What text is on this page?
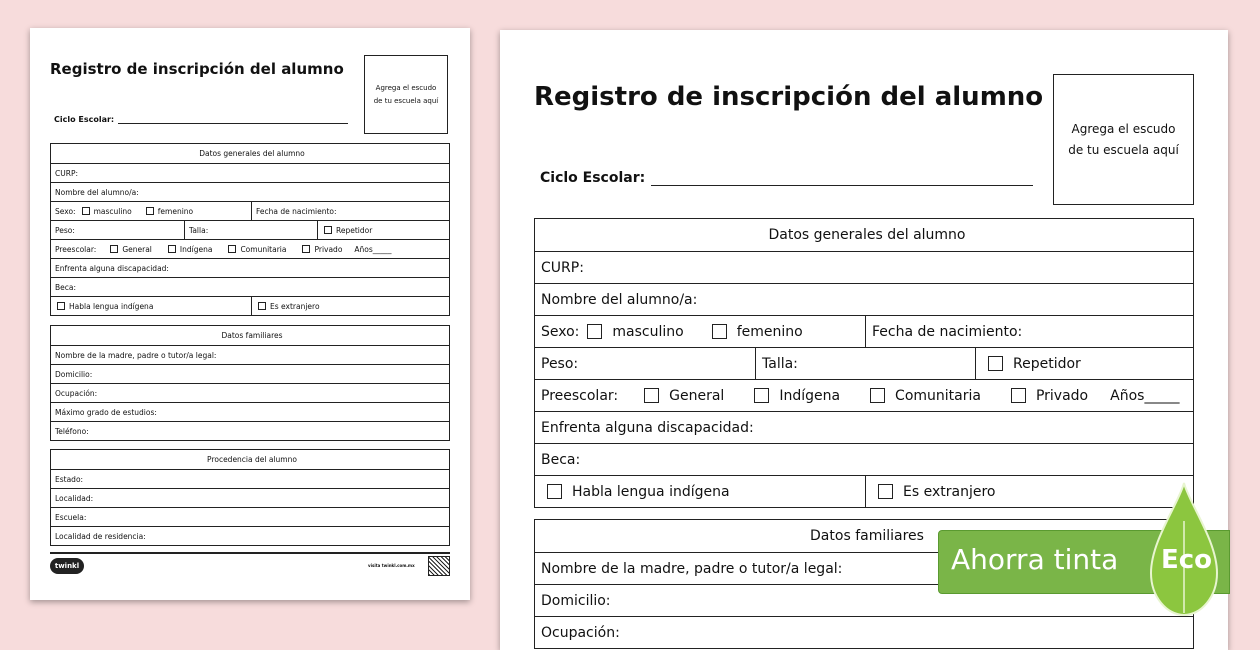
Registro de inscripción del alumno
Agrega el escudo de tu escuela aquí
Ciclo Escolar:
Datos generales del alumno
CURP:
Nombre del alumno/a:
Sexo: masculino	femenino	Fecha de nacimiento:
Peso:	Talla:	Repetidor
Preescolar:	General	Indígena	Comunitaria	Privado Años_____
Enfrenta alguna discapacidad:
Beca:
Habla lengua indígena	Es extranjero
Datos familiares
Nombre de la madre, padre o tutor/a legal:
Domicilio:
Ocupación:
Máximo grado de estudios:
Teléfono:
Procedencia del alumno
Estado:
Localidad:
Escuela:
Localidad de residencia:
twinkl	visita twinkl.com.mx
Registro de inscripción del alumno
Agrega el escudo de tu escuela aquí
Ciclo Escolar:
Datos generales del alumno
CURP:
Nombre del alumno/a:
Sexo: masculino	femenino	Fecha de nacimiento:
Peso:	Talla:	Repetidor
Preescolar:	General	Indígena	Comunitaria	Privado Años_____
Enfrenta alguna discapacidad:
Beca:
Habla lengua indígena	Es extranjero
Datos familiares
Nombre de la madre, padre o tutor/a legal:
Domicilio:
Ocupación:
Ahorra tinta Eco
